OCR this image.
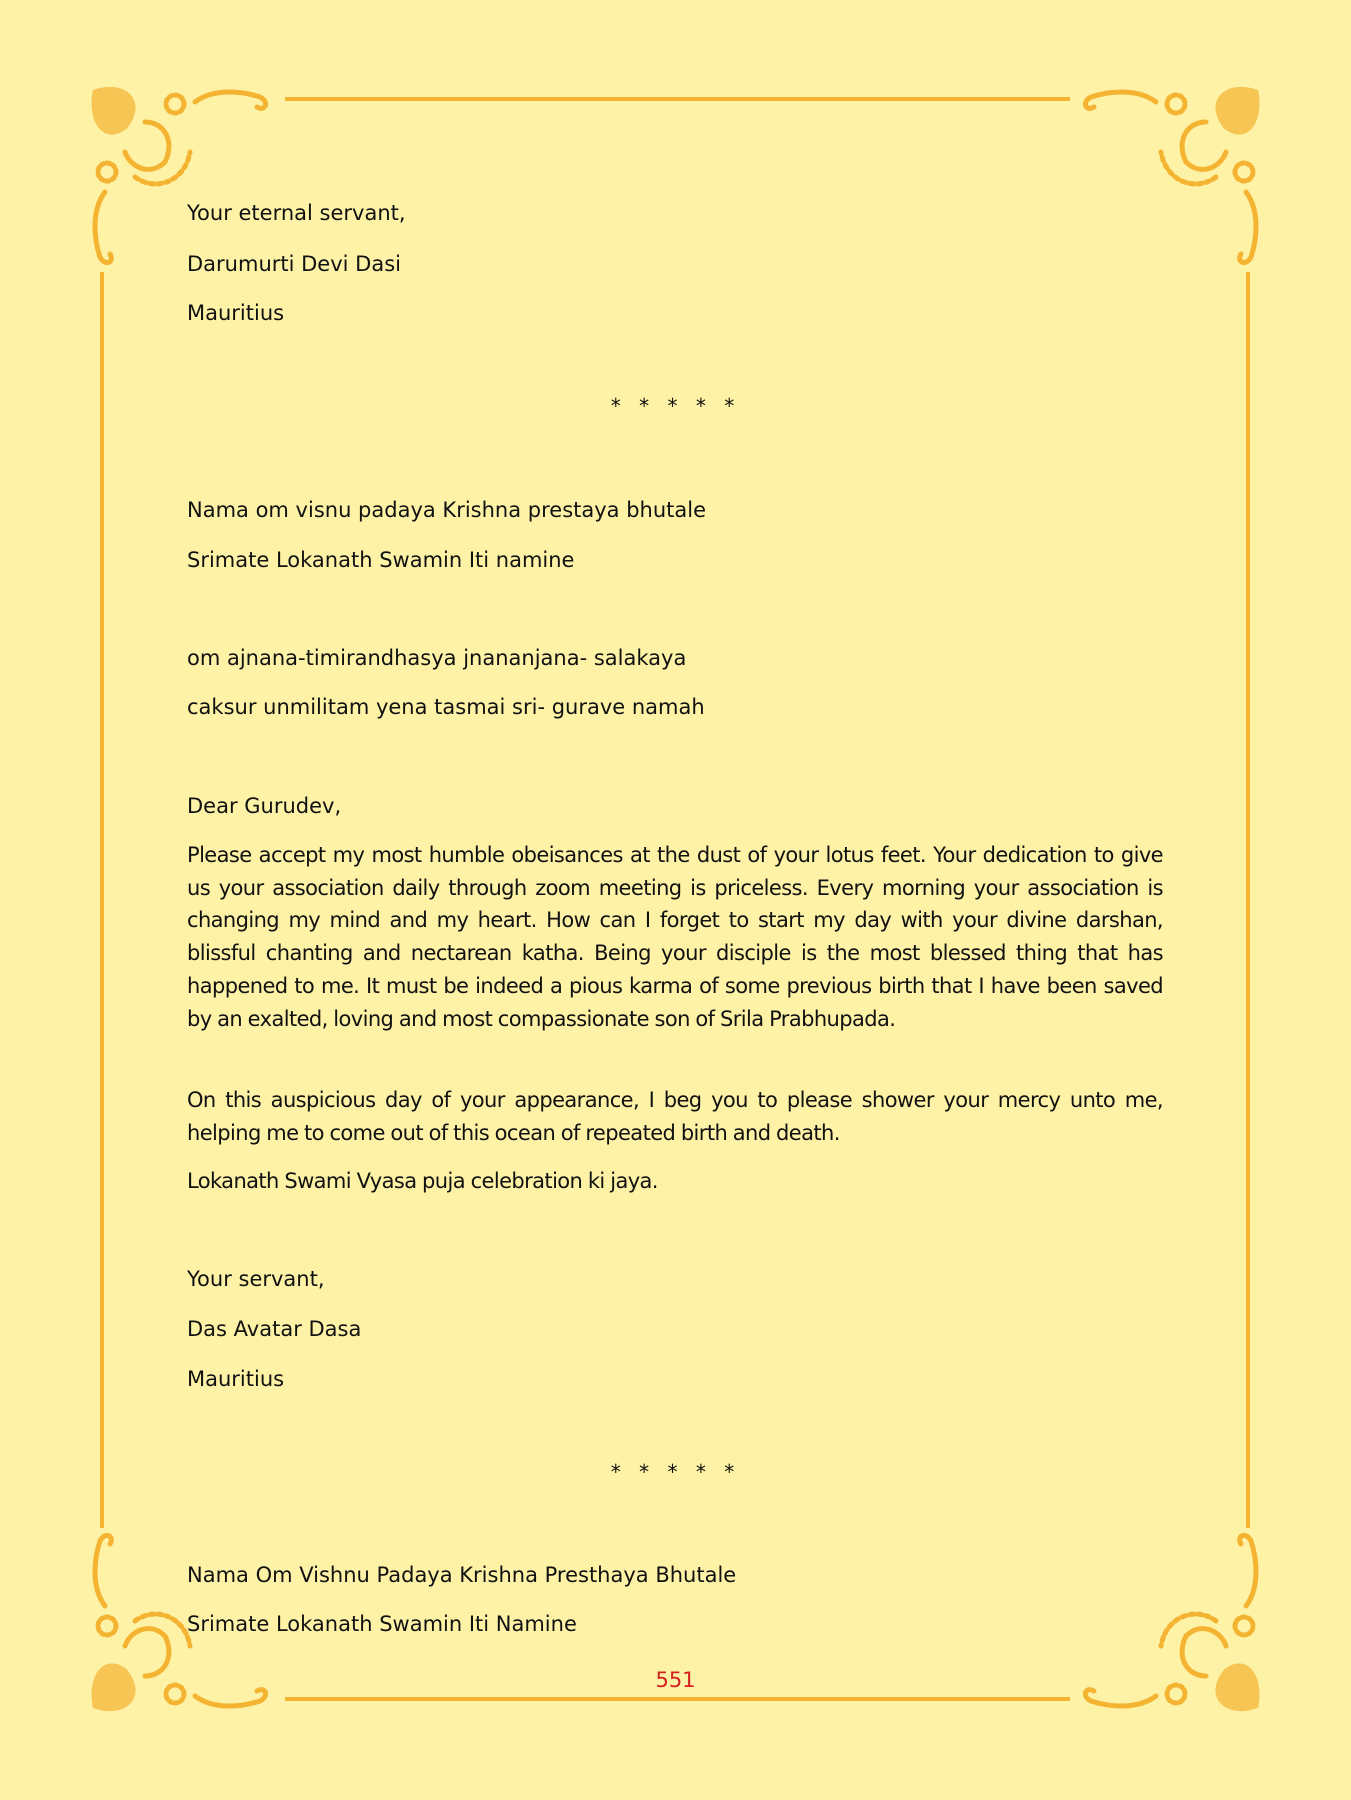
Your eternal servant,
Darumurti Devi Dasi
Mauritius
* * * * *
Nama om visnu padaya Krishna prestaya bhutale
Srimate Lokanath Swamin Iti namine
om ajnana-timirandhasya jnananjana- salakaya
caksur unmilitam yena tasmai sri- gurave namah
Dear Gurudev,
Please accept my most humble obeisances at the dust of your lotus feet. Your dedication to give us your association daily through zoom meeting is priceless. Every morning your association is changing my mind and my heart. How can I forget to start my day with your divine darshan, blissful chanting and nectarean katha. Being your disciple is the most blessed thing that has happened to me. It must be indeed a pious karma of some previous birth that I have been saved by an exalted, loving and most compassionate son of Srila Prabhupada.
On this auspicious day of your appearance, I beg you to please shower your mercy unto me, helping me to come out of this ocean of repeated birth and death.
Lokanath Swami Vyasa puja celebration ki jaya.
Your servant,
Das Avatar Dasa
Mauritius
* * * * *
Nama Om Vishnu Padaya Krishna Presthaya Bhutale
Srimate Lokanath Swamin Iti Namine
551
